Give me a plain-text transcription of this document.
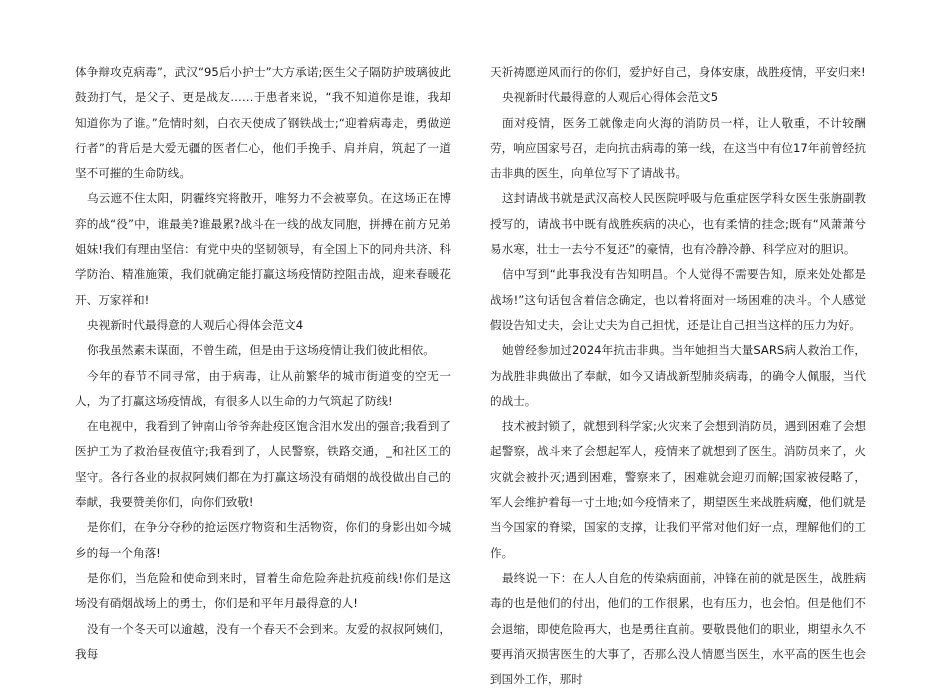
体争辩攻克病毒”，武汉“95后小护士”大方承诺;医生父子隔防护玻璃彼此鼓劲打气，是父子、更是战友……于患者来说，“我不知道你是谁，我却知道你为了谁。”危情时刻，白衣天使成了钢铁战士;“迎着病毒走，勇做逆行者”的背后是大爱无疆的医者仁心，他们手挽手、肩并肩，筑起了一道坚不可摧的生命防线。

乌云遮不住太阳，阴霾终究将散开，唯努力不会被辜负。在这场正在博弈的战“役”中，谁最美?谁最累?战斗在一线的战友同胞，拼搏在前方兄弟姐妹!我们有理由坚信：有党中央的坚韧领导，有全国上下的同舟共济、科学防治、精准施策，我们就确定能打赢这场疫情防控阻击战，迎来春暖花开、万家祥和!

央视新时代最得意的人观后心得体会范文4

你我虽然素未谋面，不曾生疏，但是由于这场疫情让我们彼此相依。

今年的春节不同寻常，由于病毒，让从前繁华的城市街道变的空无一人，为了打赢这场疫情战，有很多人以生命的力气筑起了防线!

在电视中，我看到了钟南山爷爷奔赴疫区饱含泪水发出的强音;我看到了医护工为了救治昼夜值守;我看到了，人民警察，铁路交通，_和社区工的坚守。各行各业的叔叔阿姨们都在为打赢这场没有硝烟的战役做出自己的奉献，我要赞美你们，向你们致敬!

是你们，在争分夺秒的抢运医疗物资和生活物资，你们的身影出如今城乡的每一个角落!

是你们，当危险和使命到来时，冒着生命危险奔赴抗疫前线!你们是这场没有硝烟战场上的勇士，你们是和平年月最得意的人!

没有一个冬天可以逾越，没有一个春天不会到来。友爱的叔叔阿姨们，我每

天祈祷愿逆风而行的你们，爱护好自己，身体安康，战胜疫情，平安归来!

央视新时代最得意的人观后心得体会范文5

面对疫情，医务工就像走向火海的消防员一样，让人敬重，不计较酬劳，响应国家号召，走向抗击病毒的第一线，在这当中有位17年前曾经抗击非典的医生，向单位写下了请战书。

这封请战书就是武汉高校人民医院呼吸与危重症医学科女医生张旃副教授写的，请战书中既有战胜疾病的决心，也有柔情的挂念;既有“风萧萧兮易水寒，壮士一去兮不复还”的豪情，也有冷静冷静、科学应对的胆识。

信中写到“此事我没有告知明昌。个人觉得不需要告知，原来处处都是战场!”这句话包含着信念确定，也以着将面对一场困难的决斗。个人感觉假设告知丈夫，会让丈夫为自己担忧，还是让自己担当这样的压力为好。

她曾经参加过2024年抗击非典。当年她担当大量SARS病人救治工作，为战胜非典做出了奉献，如今又请战新型肺炎病毒，的确令人佩服，当代的战士。

技术被封锁了，就想到科学家;火灾来了会想到消防员，遇到困难了会想起警察，战斗来了会想起军人，疫情来了就想到了医生。消防员来了，火灾就会被扑灭;遇到困难，警察来了，困难就会迎刃而解;国家被侵略了，军人会维护着每一寸土地;如今疫情来了，期望医生来战胜病魔，他们就是当今国家的脊梁，国家的支撑，让我们平常对他们好一点，理解他们的工作。

最终说一下：在人人自危的传染病面前，冲锋在前的就是医生，战胜病毒的也是他们的付出，他们的工作很累，也有压力，也会怕。但是他们不会退缩，即使危险再大，也是勇往直前。要敬畏他们的职业，期望永久不要再消灭损害医生的大事了，否那么没人情愿当医生，水平高的医生也会到国外工作，那时
